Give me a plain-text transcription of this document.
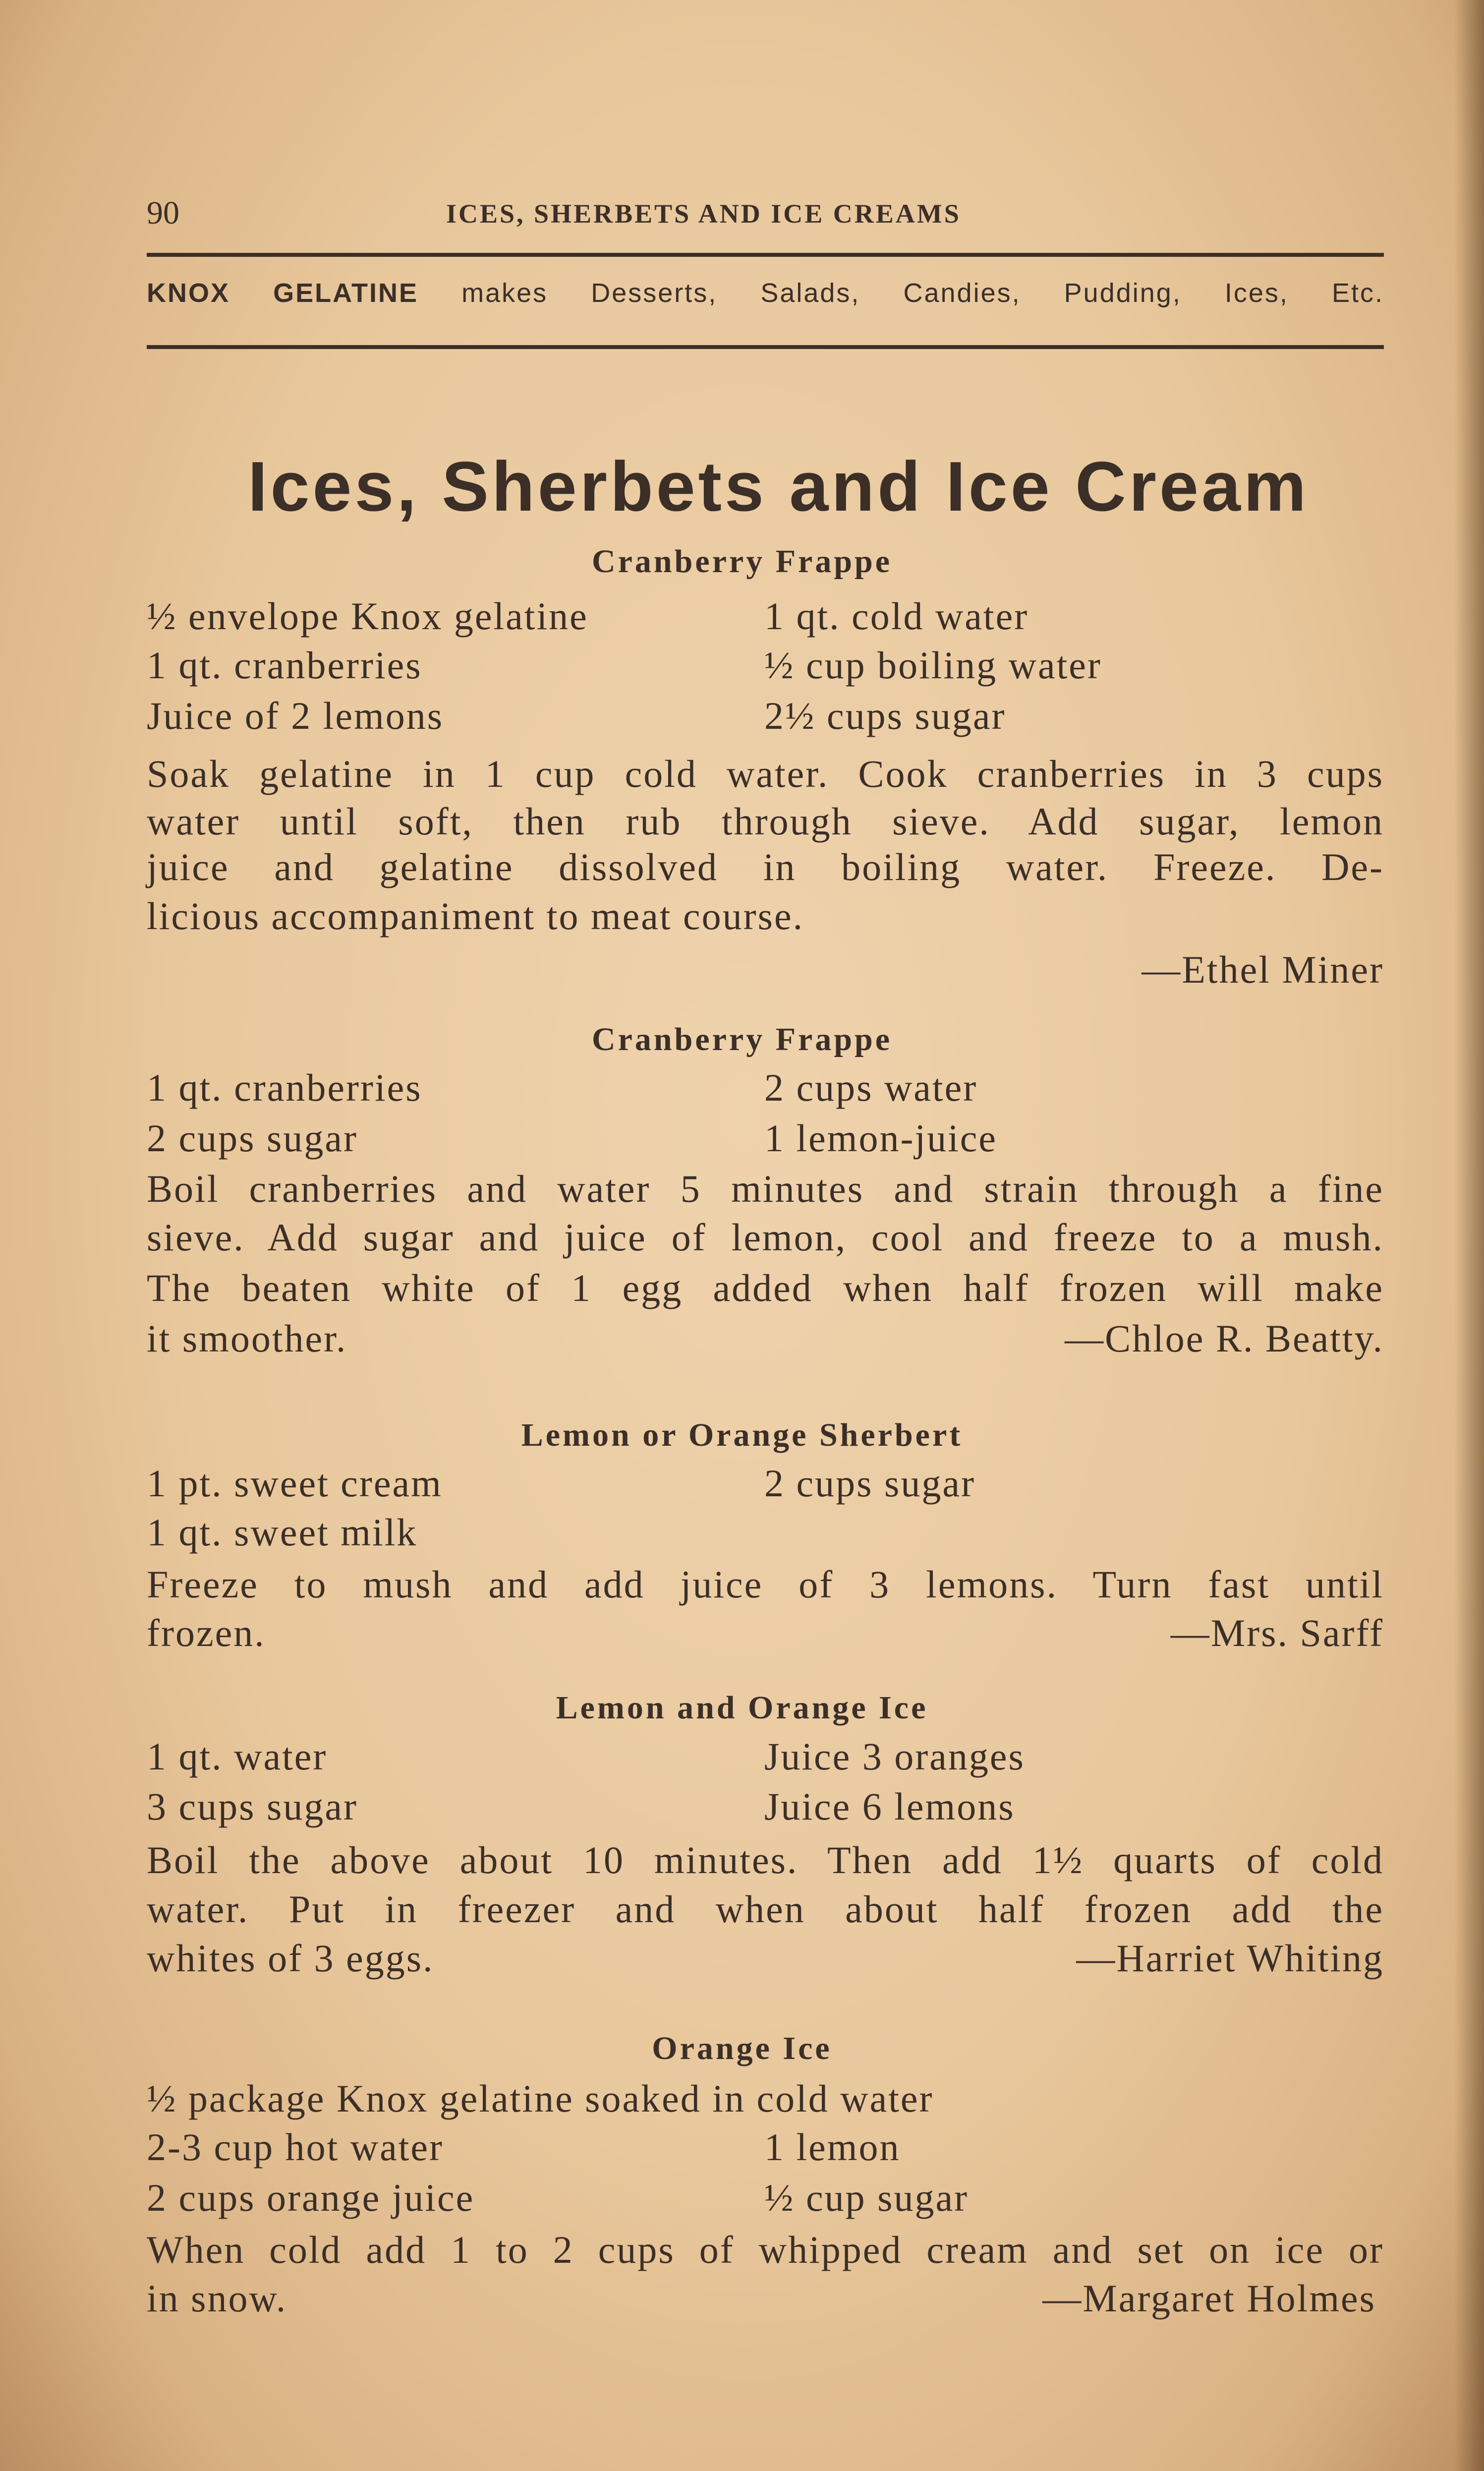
90	ICES, SHERBETS AND ICE CREAMS
KNOX GELATINE makes Desserts, Salads, Candies, Pudding, Ices, Etc.
Ices, Sherbets and Ice Cream
Cranberry Frappe
½ envelope Knox gelatine	1 qt. cold water
1 qt. cranberries	½ cup boiling water
Juice of 2 lemons	2½ cups sugar
Soak gelatine in 1 cup cold water. Cook cranberries in 3 cups
water until soft, then rub through sieve. Add sugar, lemon
juice and gelatine dissolved in boiling water. Freeze. De-
licious accompaniment to meat course.
—Ethel Miner
Cranberry Frappe
1 qt. cranberries	2 cups water
2 cups sugar	1 lemon-juice
Boil cranberries and water 5 minutes and strain through a fine
sieve. Add sugar and juice of lemon, cool and freeze to a mush.
The beaten white of 1 egg added when half frozen will make
it smoother.	—Chloe R. Beatty.
Lemon or Orange Sherbert
1 pt. sweet cream	2 cups sugar
1 qt. sweet milk
Freeze to mush and add juice of 3 lemons. Turn fast until
frozen.	—Mrs. Sarff
Lemon and Orange Ice
1 qt. water	Juice 3 oranges
3 cups sugar	Juice 6 lemons
Boil the above about 10 minutes. Then add 1½ quarts of cold
water. Put in freezer and when about half frozen add the
whites of 3 eggs.	—Harriet Whiting
Orange Ice
½ package Knox gelatine soaked in cold water
2-3 cup hot water	1 lemon
2 cups orange juice	½ cup sugar
When cold add 1 to 2 cups of whipped cream and set on ice or
in snow.	—Margaret Holmes
